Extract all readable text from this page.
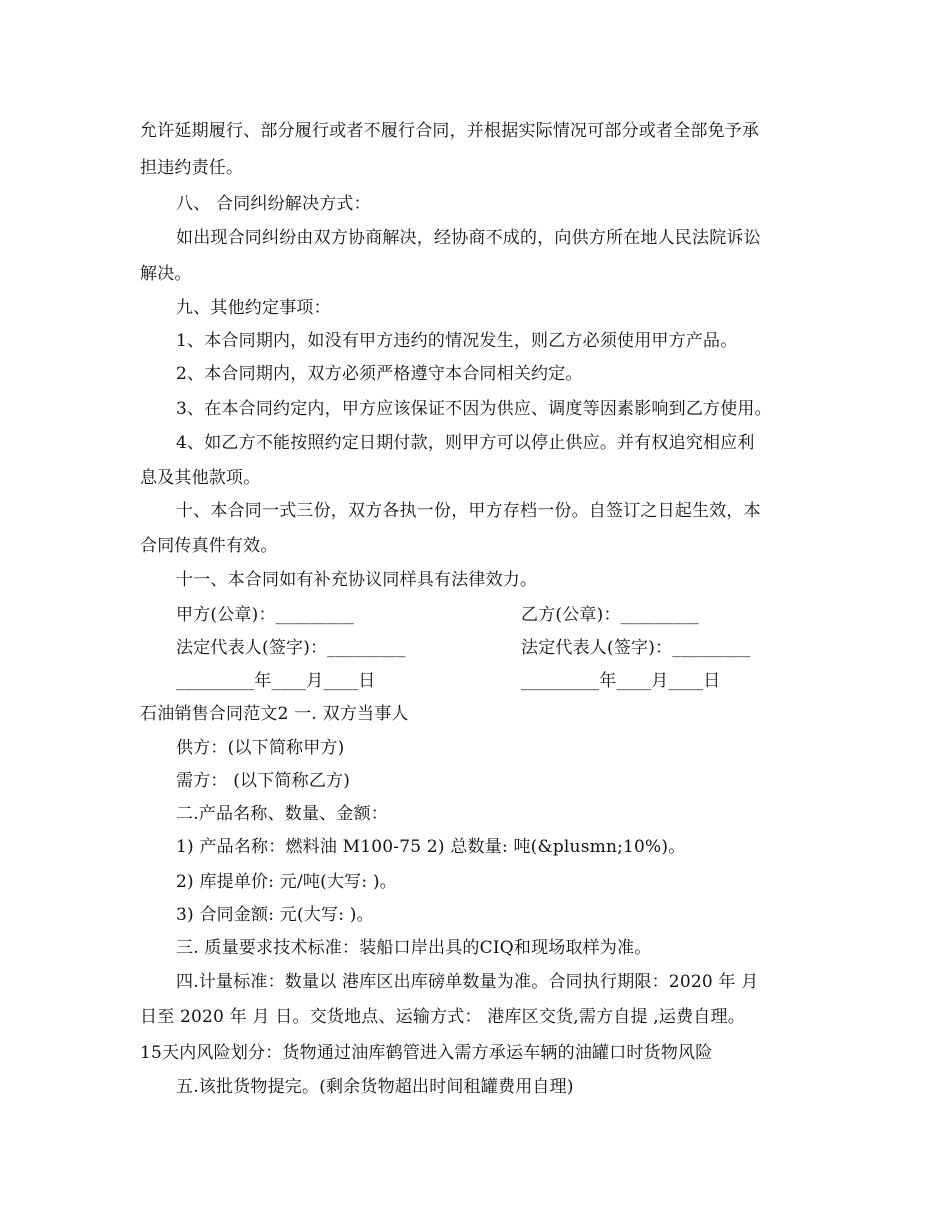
允许延期履行、部分履行或者不履行合同，并根据实际情况可部分或者全部免予承
担违约责任。
八、 合同纠纷解决方式：
如出现合同纠纷由双方协商解决，经协商不成的，向供方所在地人民法院诉讼
解决。
九、其他约定事项：
1、本合同期内，如没有甲方违约的情况发生，则乙方必须使用甲方产品。
2、本合同期内，双方必须严格遵守本合同相关约定。
3、在本合同约定内，甲方应该保证不因为供应、调度等因素影响到乙方使用。
4、如乙方不能按照约定日期付款，则甲方可以停止供应。并有权追究相应利
息及其他款项。
十、本合同一式三份，双方各执一份，甲方存档一份。自签订之日起生效，本
合同传真件有效。
十一、本合同如有补充协议同样具有法律效力。
甲方(公章)：_________	乙方(公章)：_________
法定代表人(签字)：_________	法定代表人(签字)：_________
_________年____月____日	_________年____月____日
石油销售合同范文2 一. 双方当事人
供方：(以下简称甲方)
需方： (以下简称乙方)
二.产品名称、数量、金额：
1) 产品名称：燃料油 M100-75 2) 总数量: 吨(&plusmn;10%)。
2) 库提单价: 元/吨(大写: )。
3) 合同金额: 元(大写: )。
三. 质量要求技术标准：装船口岸出具的CIQ和现场取样为准。
四.计量标准：数量以 港库区出库磅单数量为准。合同执行期限：2020 年 月
日至 2020 年 月 日。交货地点、运输方式： 港库区交货,需方自提 ,运费自理。
15天内风险划分：货物通过油库鹤管进入需方承运车辆的油罐口时货物风险
五.该批货物提完。(剩余货物超出时间租罐费用自理)
